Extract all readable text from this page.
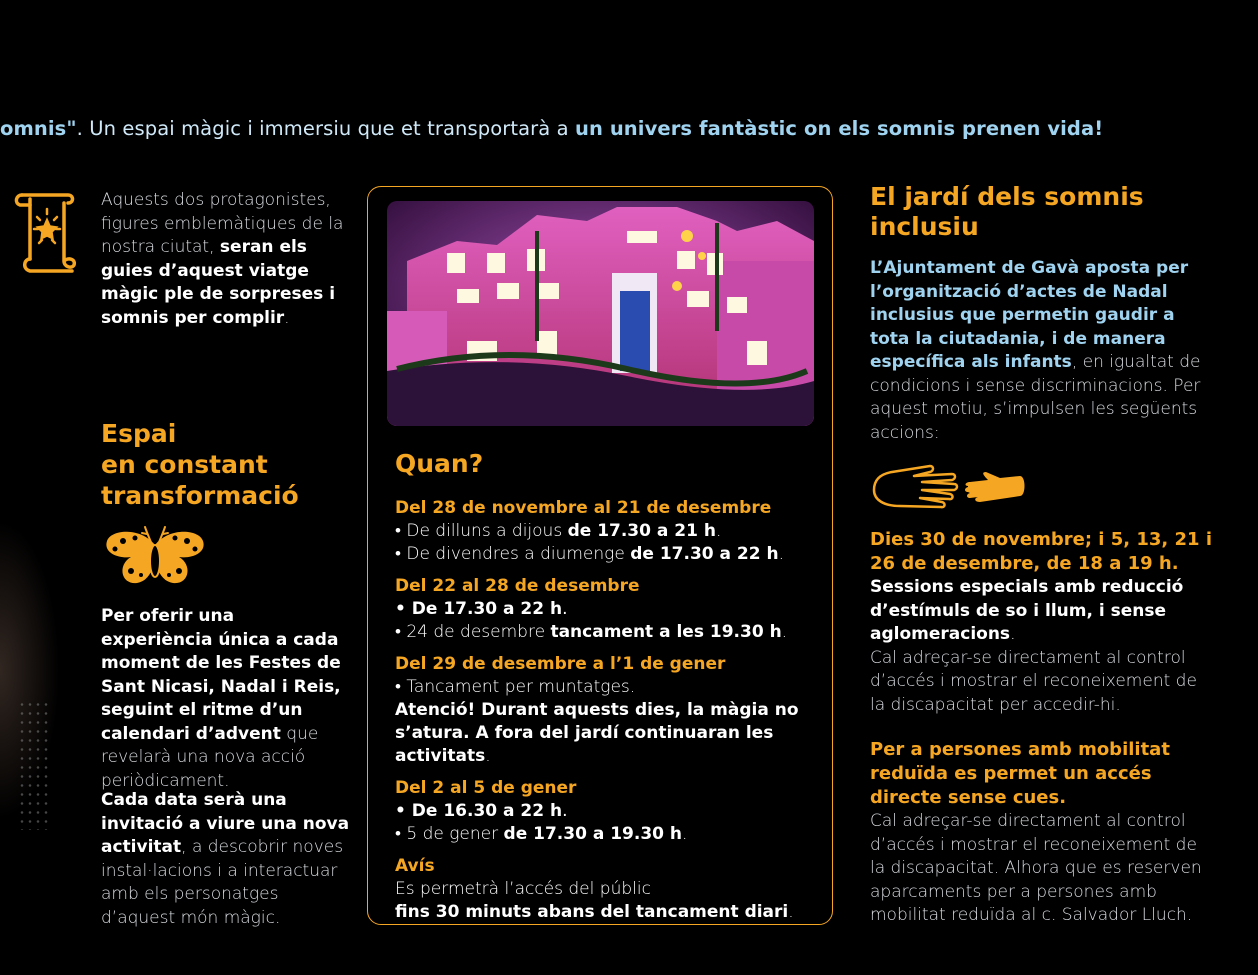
omnis". Un espai màgic i immersiu que et transportarà a un univers fantàstic on els somnis prenen vida!
Aquests dos protagonistes, figures emblemàtiques de la nostra ciutat, seran els guies d’aquest viatge màgic ple de sorpreses i somnis per complir.
Espai
en constant
transformació
Per oferir una experiència única a cada moment de les Festes de Sant Nicasi, Nadal i Reis, seguint el ritme d’un calendari d’advent que revelarà una nova acció periòdicament.
Cada data serà una invitació a viure una nova activitat, a descobrir noves instal·lacions i a interactuar amb els personatges d’aquest món màgic.
Quan?
Del 28 de novembre al 21 de desembre
• De dilluns a dijous de 17.30 a 21 h.
• De divendres a diumenge de 17.30 a 22 h.
Del 22 al 28 de desembre
• De 17.30 a 22 h.
• 24 de desembre tancament a les 19.30 h.
Del 29 de desembre a l’1 de gener
• Tancament per muntatges.
Atenció! Durant aquests dies, la màgia no s’atura. A fora del jardí continuaran les activitats.
Del 2 al 5 de gener
• De 16.30 a 22 h.
• 5 de gener de 17.30 a 19.30 h.
Avís
Es permetrà l’accés del públic
fins 30 minuts abans del tancament diari.
El jardí dels somnis inclusiu
L’Ajuntament de Gavà aposta per l’organització d’actes de Nadal inclusius que permetin gaudir a tota la ciutadania, i de manera específica als infants, en igualtat de condicions i sense discriminacions. Per aquest motiu, s’impulsen les següents accions:
Dies 30 de novembre; i 5, 13, 21 i 26 de desembre, de 18 a 19 h.
Sessions especials amb reducció d’estímuls de so i llum, i sense aglomeracions.
Cal adreçar-se directament al control d’accés i mostrar el reconeixement de la discapacitat per accedir-hi.
Per a persones amb mobilitat reduïda es permet un accés directe sense cues.
Cal adreçar-se directament al control d’accés i mostrar el reconeixement de la discapacitat. Alhora que es reserven aparcaments per a persones amb mobilitat reduïda al c. Salvador Lluch.
